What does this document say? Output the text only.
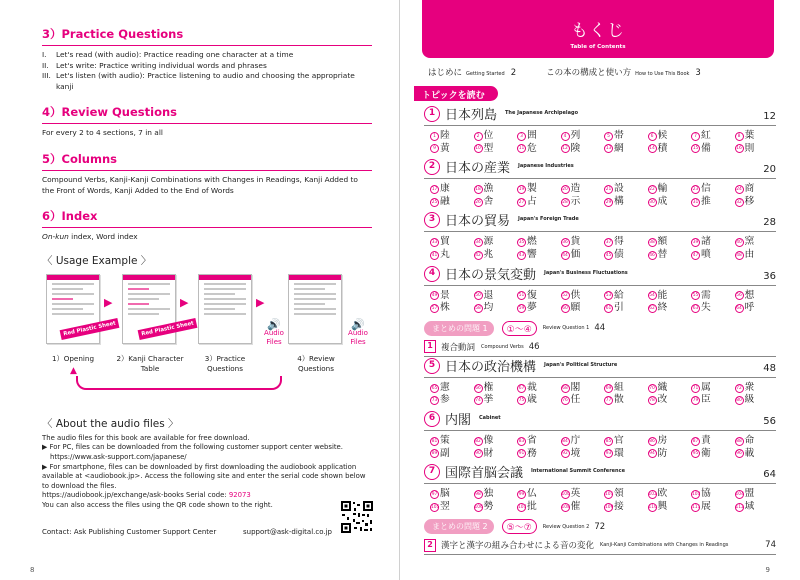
3）Practice Questions
I.	Let's read (with audio): Practice reading one character at a time
II. Let's write: Practice writing individual words and phrases
III. Let's listen (with audio): Practice listening to audio and choosing the appropriate kanji
4）Review Questions
For every 2 to 4 sections, 7 in all
5）Columns
Compound Verbs, Kanji-Kanji Combinations with Changes in Readings, Kanji Added to the Front of Words, Kanji Added to the End of Words
6）Index
On-kun index, Word index
〈 Usage Example 〉
▶	▶	▶
Red Plastic Sheet	Red Plastic Sheet	🔊
Audio Files
🔊
Audio Files
1）Opening	2）Kanji Character Table
3）Practice Questions
4）Review Questions
▲
〈 About the audio files 〉
The audio files for this book are available for free download.
▶ For PC, files can be downloaded from the following customer support center website.
https://www.ask-support.com/japanese/
▶ For smartphone, files can be downloaded by first downloading the audiobook application available at <audiobook.jp>. Access the following site and enter the serial code shown below to download the files.
https://audiobook.jp/exchange/ask-books Serial code: 92073
You can also access the files using the QR code shown to the right.
Contact: Ask Publishing Customer Support Center	support@ask-digital.co.jp
8
もくじ
Table of Contents
はじめに Getting Started 2	この本の構成と使い方 How to Use This Book 3
トピックを読む
1 日本列島 The Japanese Archipelago	12
1 陸	2 位	3 囲	4 列	5 帯	6 候	7 紅	8 葉
9 黄	10 型	11 危	12 険	13 網	14 積	15 備	16 則
2 日本の産業 Japanese Industries	20
17 康	18 漁	19 製	20 造	21 設	22 輸	23 信	24 商
25 融	26 舎	27 占	28 示	29 構	30 成	31 推	32 移
3 日本の貿易 Japan's Foreign Trade	28
33 貿	34 源	35 燃	36 貨	37 得	38 額	39 諸	40 窯
41 丸	42 兆	43 響	44 価	45 债	46 替	47 噴	48 由
4 日本の景気変動 Japan's Business Fluctuations	36
49 景	50 退	51 復	52 供	53 給	54 能	55 需	56 想
57 株	58 均	59 夢	60 願	61 引	62 終	63 失	64 呼
まとめの問題 1	①〜④	Review Question 1 44
1 複合動詞 Compound Verbs 46
5 日本の政治機構 Japan's Political Structure	48
65 憲	66 権	67 裁	68 閣	69 組	70 織	71 属	72 衆
73 参	74 挙	75 歳	76 任	77 散	78 改	79 臣	80 級
6 内閣 Cabinet	56
81 策	82 像	83 省	84 庁	85 官	86 房	87 責	88 命
89 副	90 財	91 務	92 境	93 環	94 防	95 衛	96 載
7 国際首脳会議 International Summit Conference	64
97 脳	98 独	99 仏	100 英	101 領	102 欧	103 協	104 盟
105 翌	106 勢	107 批	108 催	109 接	110 興	111 展	112 域
まとめの問題 2	⑤〜⑦	Review Question 2 72
2 漢字と漢字の組み合わせによる音の変化 Kanji-Kanji Combinations with Changes in Readings	74
9
